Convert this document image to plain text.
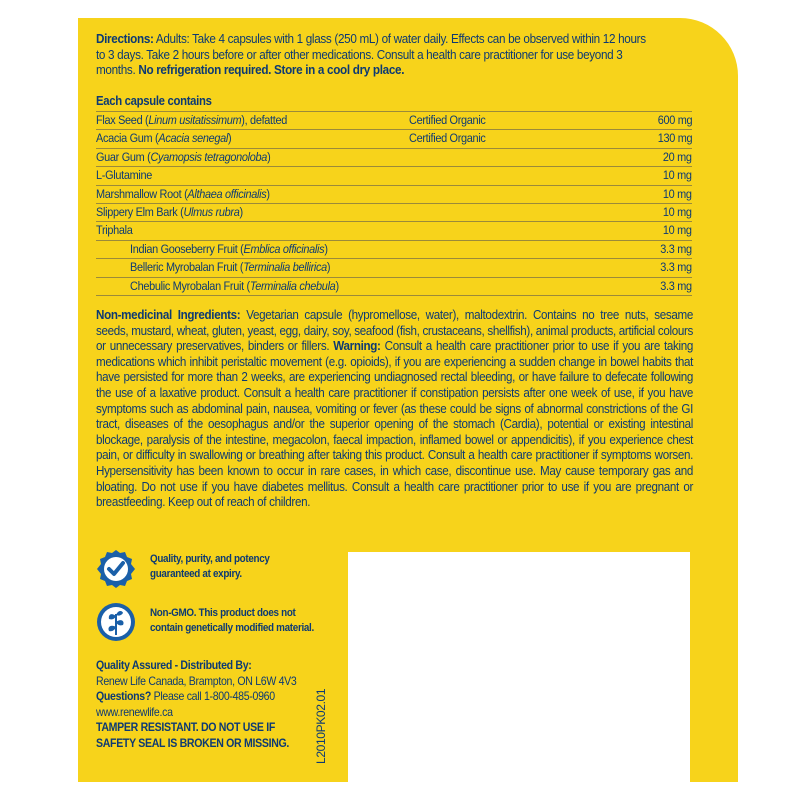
Directions: Adults: Take 4 capsules with 1 glass (250 mL) of water daily. Effects can be observed within 12 hours to 3 days. Take 2 hours before or after other medications. Consult a health care practitioner for use beyond 3 months. No refrigeration required. Store in a cool dry place.
Each capsule contains
Flax Seed (Linum usitatissimum), defatted	Certified Organic	600 mg
Acacia Gum (Acacia senegal)	Certified Organic	130 mg
Guar Gum (Cyamopsis tetragonoloba)	20 mg
L-Glutamine	10 mg
Marshmallow Root (Althaea officinalis)	10 mg
Slippery Elm Bark (Ulmus rubra)	10 mg
Triphala	10 mg
Indian Gooseberry Fruit (Emblica officinalis)	3.3 mg
Belleric Myrobalan Fruit (Terminalia bellirica)	3.3 mg
Chebulic Myrobalan Fruit (Terminalia chebula)	3.3 mg
Non-medicinal Ingredients: Vegetarian capsule (hypromellose, water), maltodextrin. Contains no tree nuts, sesame seeds, mustard, wheat, gluten, yeast, egg, dairy, soy, seafood (fish, crustaceans, shellfish), animal products, artificial colours or unnecessary preservatives, binders or fillers. Warning: Consult a health care practitioner prior to use if you are taking medications which inhibit peristaltic movement (e.g. opioids), if you are experiencing a sudden change in bowel habits that have persisted for more than 2 weeks, are experiencing undiagnosed rectal bleeding, or have failure to defecate following the use of a laxative product. Consult a health care practitioner if constipation persists after one week of use, if you have symptoms such as abdominal pain, nausea, vomiting or fever (as these could be signs of abnormal constrictions of the GI tract, diseases of the oesophagus and/or the superior opening of the stomach (Cardia), potential or existing intestinal blockage, paralysis of the intestine, megacolon, faecal impaction, inflamed bowel or appendicitis), if you experience chest pain, or difficulty in swallowing or breathing after taking this product. Consult a health care practitioner if symptoms worsen. Hypersensitivity has been known to occur in rare cases, in which case, discontinue use. May cause temporary gas and bloating. Do not use if you have diabetes mellitus. Consult a health care practitioner prior to use if you are pregnant or breastfeeding. Keep out of reach of children.
Quality, purity, and potency
guaranteed at expiry.
Non-GMO. This product does not
contain genetically modified material.
Quality Assured - Distributed By:
Renew Life Canada, Brampton, ON L6W 4V3
Questions? Please call 1-800-485-0960
www.renewlife.ca
TAMPER RESISTANT. DO NOT USE IF
SAFETY SEAL IS BROKEN OR MISSING.	L2010PK02.01
